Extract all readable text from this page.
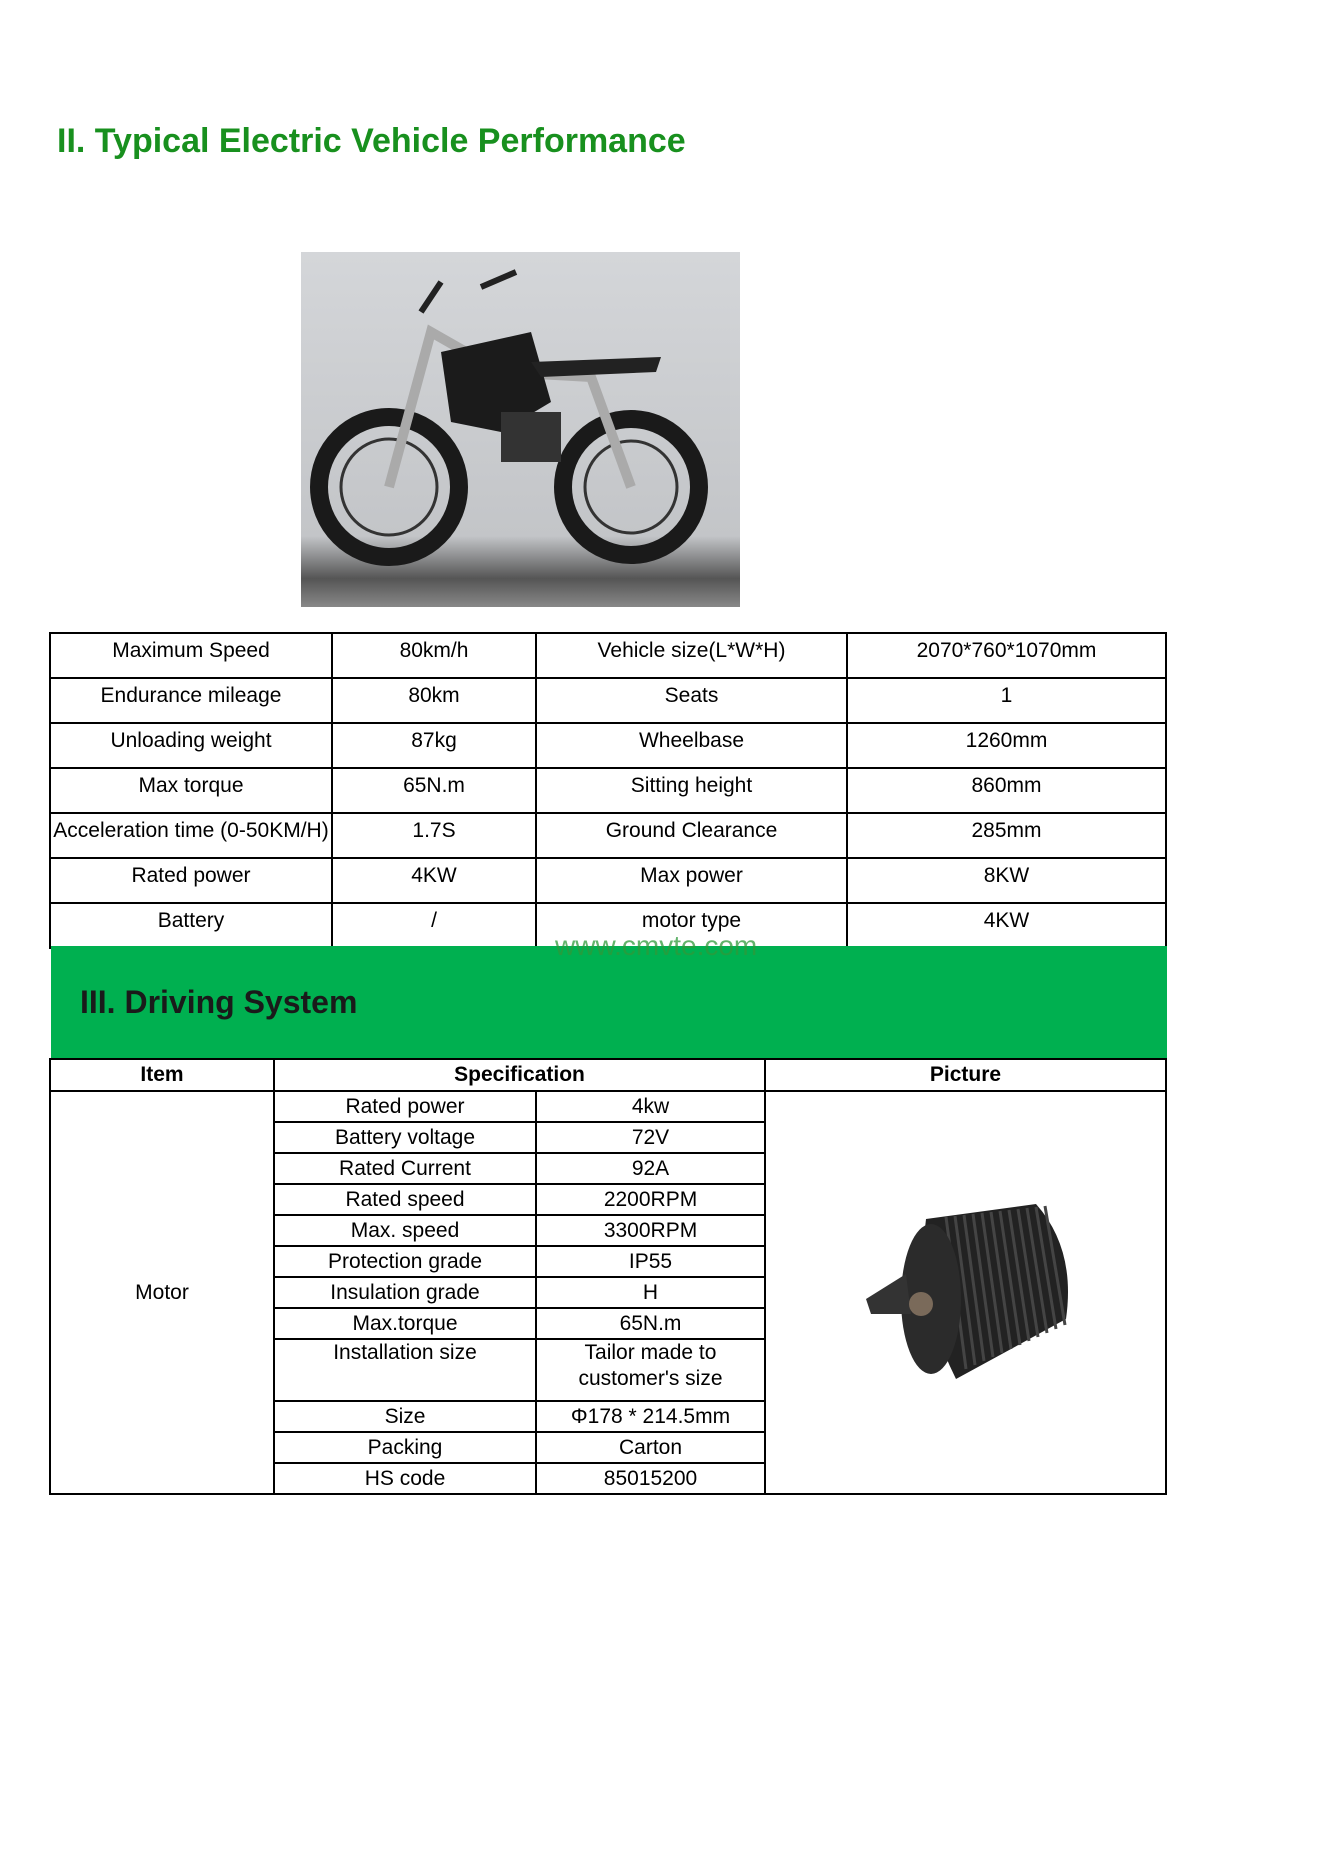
II. Typical Electric Vehicle Performance
Maximum Speed	80km/h	Vehicle size(L*W*H)	2070*760*1070mm
Endurance mileage	80km	Seats	1
Unloading weight	87kg	Wheelbase	1260mm
Max torque	65N.m	Sitting height	860mm
Acceleration time (0-50KM/H)	1.7S	Ground Clearance	285mm
Rated power	4KW	Max power	8KW
Battery	/	motor type	4KW
III. Driving System
www.cmvte.com
Item	Specification		Picture
Motor	Rated power	4kw	
	Battery voltage	72V	
	Rated Current	92A	
	Rated speed	2200RPM	
	Max. speed	3300RPM	
	Protection grade	IP55	
	Insulation grade	H	
	Max.torque	65N.m	
	Installation size	Tailor made to customer's size	
	Size	Φ178 * 214.5mm	
	Packing	Carton	
	HS code	85015200	
